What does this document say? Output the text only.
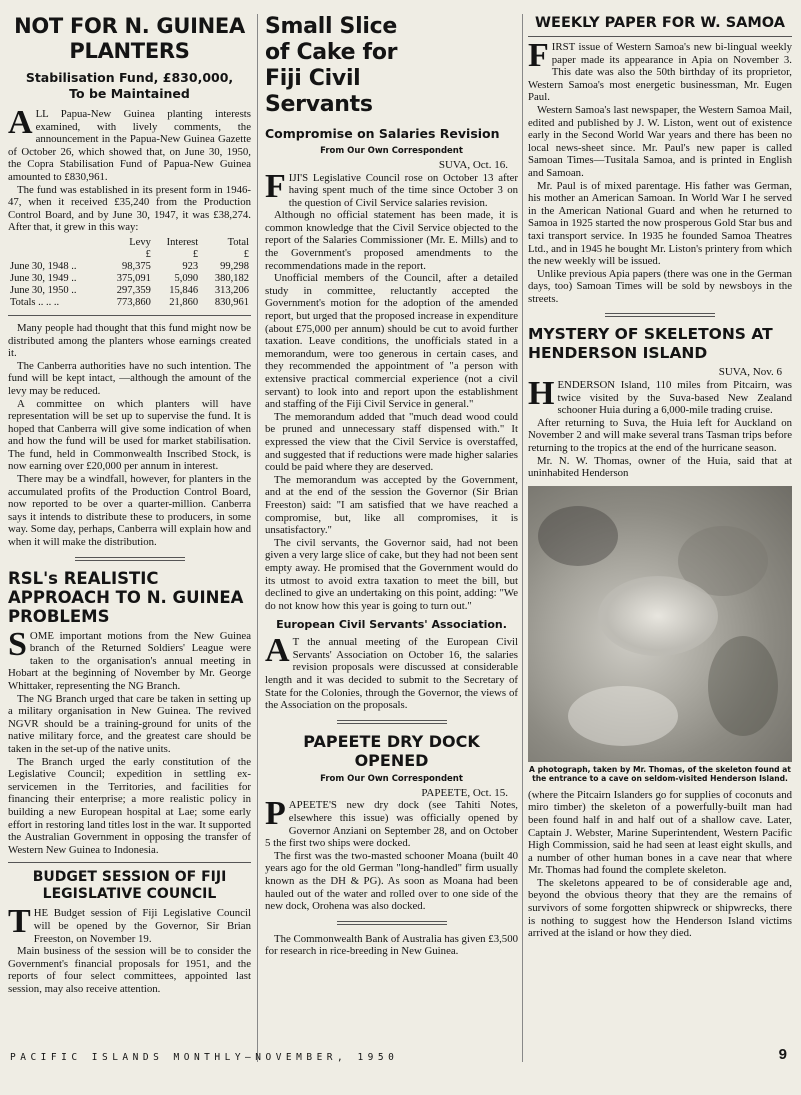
NOT FOR N. GUINEA PLANTERS
Stabilisation Fund, £830,000, To be Maintained

ALL Papua-New Guinea planting interests examined, with lively comments, the announcement in the Papua-New Guinea Gazette of October 26, which showed that, on June 30, 1950, the Copra Stabilisation Fund of Papua-New Guinea amounted to £830,961.

The fund was established in its present form in 1946-47, when it received £35,240 from the Production Control Board, and by June 30, 1947, it was £38,274. After that, it grew in this way:

	Levy	Interest	Total
	£	£	£
June 30, 1948 ..	98,375	923	99,298
June 30, 1949 ..	375,091	5,090	380,182
June 30, 1950 ..	297,359	15,846	313,206
Totals .. .. ..	773,860	21,860	830,961

Many people had thought that this fund might now be distributed among the planters whose earnings created it.

The Canberra authorities have no such intention. The fund will be kept intact, —although the amount of the levy may be reduced.

A committee on which planters will have representation will be set up to supervise the fund. It is hoped that Canberra will give some indication of when and how the fund will be used for market stabilisation. The fund, held in Commonwealth Inscribed Stock, is now earning over £20,000 per annum in interest.

There may be a windfall, however, for planters in the accumulated profits of the Production Control Board, now reported to be over a quarter-million. Canberra says it intends to distribute these to producers, in some way. Some day, perhaps, Canberra will explain how and when it will make the distribution.

RSL's REALISTIC APPROACH TO N. GUINEA PROBLEMS

SOME important motions from the New Guinea branch of the Returned Soldiers' League were taken to the organisation's annual meeting in Hobart at the beginning of November by Mr. George Whittaker, representing the NG Branch.

The NG Branch urged that care be taken in setting up a military organisation in New Guinea. The revived NGVR should be a training-ground for units of the native military force, and the greatest care should be taken in the set-up of the native units.

The Branch urged the early constitution of the Legislative Council; expedition in settling ex-servicemen in the Territories, and facilities for financing their enterprise; a more realistic policy in building a new European hospital at Lae; some early effort in restoring land titles lost in the war. It supported the Australian Government in opposing the transfer of Western New Guinea to Indonesia.

BUDGET SESSION OF FIJI LEGISLATIVE COUNCIL

THE Budget session of Fiji Legislative Council will be opened by the Governor, Sir Brian Freeston, on November 19.

Main business of the session will be to consider the Government's financial proposals for 1951, and the reports of four select committees, appointed last session, may also receive attention.

Small Slice of Cake for Fiji Civil Servants
Compromise on Salaries Revision
From Our Own Correspondent
SUVA, Oct. 16.

FIJI'S Legislative Council rose on October 13 after having spent much of the time since October 3 on the question of Civil Service salaries revision.

Although no official statement has been made, it is common knowledge that the Civil Service objected to the report of the Salaries Commissioner (Mr. E. Mills) and to the Government's proposed amendments to the recommendations made in the report.

Unofficial members of the Council, after a detailed study in committee, reluctantly accepted the Government's motion for the adoption of the amended report, but urged that the proposed increase in expenditure (about £75,000 per annum) should be cut to avoid further taxation. Leave conditions, the unofficials stated in a memorandum, were too generous in certain cases, and they recommended the appointment of "a person with extensive practical commercial experience (not a civil servant) to look into and report upon the establishment and staffing of the Fiji Civil Service in general."

The memorandum added that "much dead wood could be pruned and unnecessary staff dispensed with." It expressed the view that the Civil Service is overstaffed, and suggested that if reductions were made higher salaries could be paid where they are deserved.

The memorandum was accepted by the Government, and at the end of the session the Governor (Sir Brian Freeston) said: "I am satisfied that we have reached a compromise, but, like all compromises, it is unsatisfactory."

The civil servants, the Governor said, had not been given a very large slice of cake, but they had not been sent empty away. He promised that the Government would do its utmost to avoid extra taxation to meet the bill, but declined to give an undertaking on this point, adding: "We do not know how this year is going to turn out."

European Civil Servants' Association.

A T the annual meeting of the European Civil Servants' Association on October 16, the salaries revision proposals were discussed at considerable length and it was decided to submit to the Secretary of State for the Colonies, through the Governor, the views of the Association on the proposals.

PAPEETE DRY DOCK OPENED
From Our Own Correspondent
PAPEETE, Oct. 15.

PAPEETE'S new dry dock (see Tahiti Notes, elsewhere this issue) was officially opened by Governor Anziani on September 28, and on October 5 the first two ships were docked.

The first was the two-masted schooner Moana (built 40 years ago for the old German "long-handled" firm usually known as the DH & PG). As soon as Moana had been hauled out of the water and rolled over to one side of the new dock, Orohena was also docked.

The Commonwealth Bank of Australia has given £3,500 for research in rice-breeding in New Guinea.

WEEKLY PAPER FOR W. SAMOA

FIRST issue of Western Samoa's new bi-lingual weekly paper made its appearance in Apia on November 3. This date was also the 50th birthday of its proprietor, Western Samoa's most energetic businessman, Mr. Eugen Paul.

Western Samoa's last newspaper, the Western Samoa Mail, edited and published by J. W. Liston, went out of existence early in the Second World War years and there has been no local news-sheet since. Mr. Paul's new paper is called Samoan Times—Tusitala Samoa, and is printed in English and Samoan.

Mr. Paul is of mixed parentage. His father was German, his mother an American Samoan. In World War I he served in the American National Guard and when he returned to Samoa in 1925 started the now prosperous Gold Star bus and taxi transport service. In 1935 he founded Samoa Theatres Ltd., and in 1945 he bought Mr. Liston's printery from which the new weekly will be issued.

Unlike previous Apia papers (there was one in the German days, too) Samoan Times will be sold by newsboys in the streets.

MYSTERY OF SKELETONS AT HENDERSON ISLAND
SUVA, Nov. 6

HENDERSON Island, 110 miles from Pitcairn, was twice visited by the Suva-based New Zealand schooner Huia during a 6,000-mile trading cruise.

After returning to Suva, the Huia left for Auckland on November 2 and will make several trans Tasman trips before returning to the tropics at the end of the hurricane season.

Mr. N. W. Thomas, owner of the Huia, said that at uninhabited Henderson

A photograph, taken by Mr. Thomas, of the skeleton found at the entrance to a cave on seldom-visited Henderson Island.

(where the Pitcairn Islanders go for supplies of coconuts and miro timber) the skeleton of a powerfully-built man had been found half in and half out of a shallow cave. Later, Captain J. Webster, Marine Superintendent, Western Pacific High Commission, said he had seen at least eight skulls, and a number of other human bones in a cave near that where Mr. Thomas had found the complete skeleton.

The skeletons appeared to be of considerable age and, beyond the obvious theory that they are the remains of survivors of some forgotten shipwreck or shipwrecks, there is nothing to suggest how the Henderson Island victims arrived at the island or how they died.

PACIFIC ISLANDS MONTHLY—NOVEMBER, 1950	9
